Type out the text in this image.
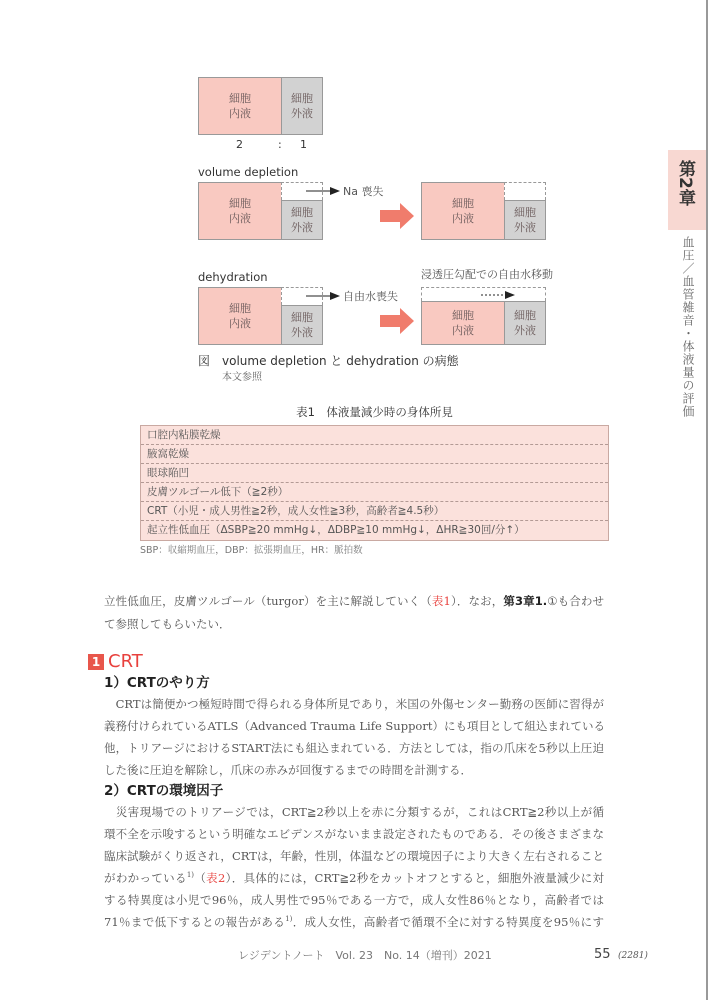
第2章
血圧／血管雑音・体液量の評価
細胞
内液
細胞
外液
2	: 1
volume depletion
細胞
内液	細胞
外液
Na 喪失
細胞
内液	細胞
外液
dehydration
細胞
内液	細胞
外液
自由水喪失
浸透圧勾配での自由水移動
細胞
内液
細胞
外液
図 volume depletion と dehydration の病態
本文参照
表1　体液量減少時の身体所見
口腔内粘膜乾燥
腋窩乾燥
眼球陥凹
皮膚ツルゴール低下（≧2秒）
CRT（小児・成人男性≧2秒，成人女性≧3秒，高齢者≧4.5秒）
起立性低血圧（ΔSBP≧20 mmHg↓，ΔDBP≧10 mmHg↓，ΔHR≧30回/分↑）
SBP：収縮期血圧，DBP：拡張期血圧，HR：脈拍数
立性低血圧，皮膚ツルゴール（turgor）を主に解説していく（表1）．なお，第3章1.①も合わせ
て参照してもらいたい．
1 CRT
1）CRTのやり方
　CRTは簡便かつ極短時間で得られる身体所見であり，米国の外傷センター勤務の医師に習得が
義務付けられているATLS（Advanced Trauma Life Support）にも項目として組込まれている
他，トリアージにおけるSTART法にも組込まれている．方法としては，指の爪床を5秒以上圧迫
した後に圧迫を解除し，爪床の赤みが回復するまでの時間を計測する．
2）CRTの環境因子
　災害現場でのトリアージでは，CRT≧2秒以上を赤に分類するが，これはCRT≧2秒以上が循
環不全を示唆するという明確なエビデンスがないまま設定されたものである．その後さまざまな
臨床試験がくり返され，CRTは，年齢，性別，体温などの環境因子により大きく左右されること
がわかっている$^{1)}$（表2）．具体的には，CRT≧2秒をカットオフとすると，細胞外液量減少に対
する特異度は小児で96％，成人男性で95％である一方で，成人女性86％となり，高齢者では
71％まで低下するとの報告がある$^{1)}$．成人女性，高齢者で循環不全に対する特異度を95％にす
レジデントノート　Vol. 23　No. 14（増刊）2021	55 (2281)
